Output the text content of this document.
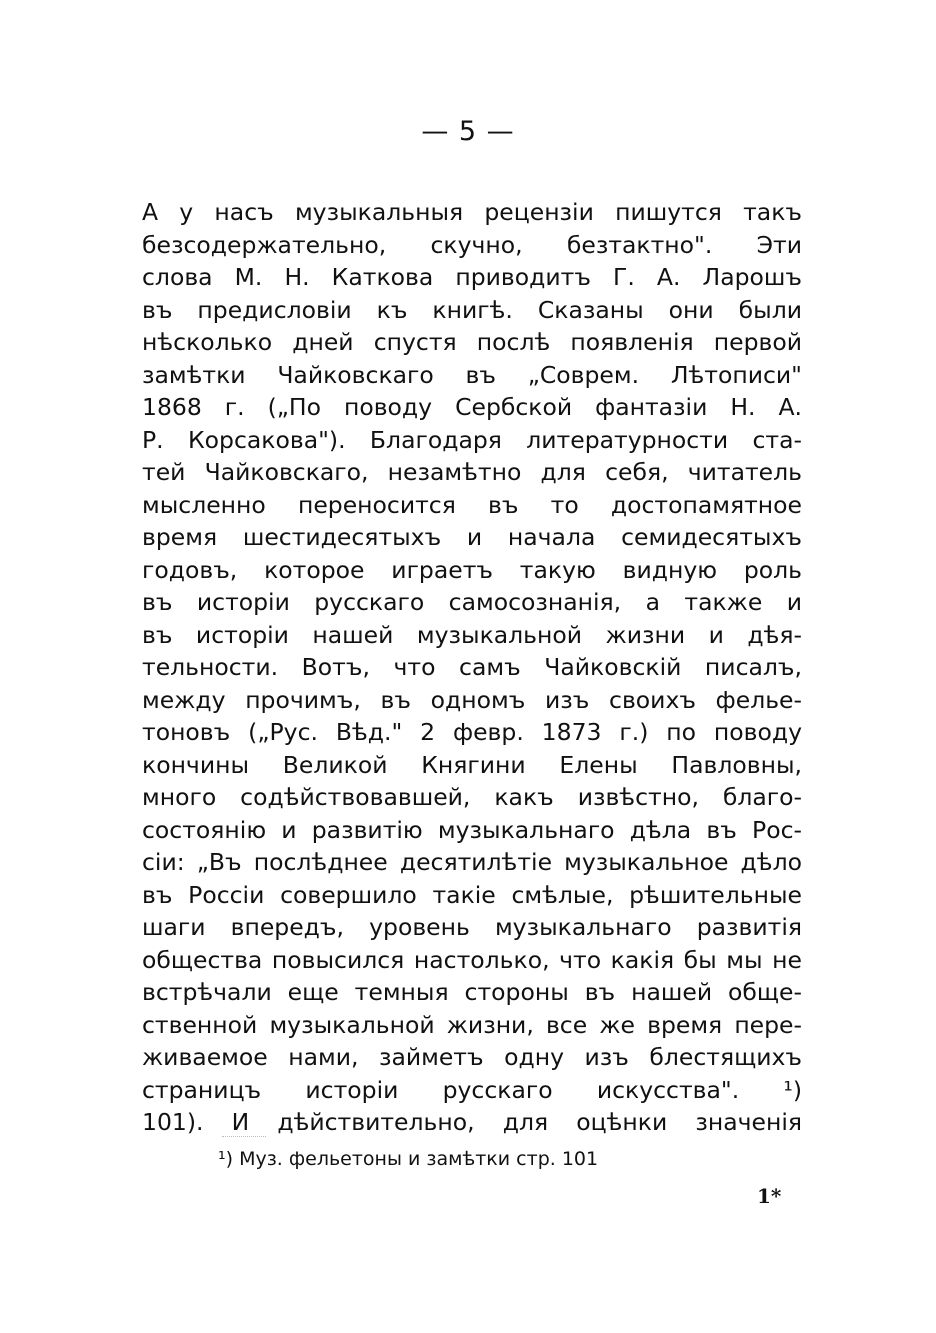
— 5 —
А у насъ музыкальныя рецензiи пишутся такъ
безсодержательно, скучно, безтактно". Эти
слова М. Н. Каткова приводитъ Г. А. Ларошъ
въ предисловiи къ книгѣ. Сказаны они были
нѣсколько дней спустя послѣ появленiя первой
замѣтки Чайковскаго въ „Соврем. Лѣтописи"
1868 г. („По поводу Сербской фантазiи Н. А.
Р. Корсакова"). Благодаря литературности ста-
тей Чайковскаго, незамѣтно для себя, читатель
мысленно переносится въ то достопамятное
время шестидесятыхъ и начала семидесятыхъ
годовъ, которое играетъ такую видную роль
въ исторiи русскаго самосознанiя, а также и
въ исторiи нашей музыкальной жизни и дѣя-
тельности. Вотъ, что самъ Чайковскiй писалъ,
между прочимъ, въ одномъ изъ своихъ фелье-
тоновъ („Рус. Вѣд." 2 февр. 1873 г.) по поводу
кончины Великой Княгини Елены Павловны,
много содѣйствовавшей, какъ извѣстно, благо-
состоянiю и развитiю музыкальнаго дѣла въ Рос-
сiи: „Въ послѣднее десятилѣтiе музыкальное дѣло
въ Россiи совершило такiе смѣлые, рѣшительные
шаги впередъ, уровень музыкальнаго развитiя
общества повысился настолько, что какiя бы мы не
встрѣчали еще темныя стороны въ нашей обще-
ственной музыкальной жизни, все же время пере-
живаемое нами, займетъ одну изъ блестящихъ
страницъ исторiи русскаго искусства". ¹)
101). И дѣйствительно, для оцѣнки значенiя
¹) Муз. фельетоны и замѣтки стр. 101
1*
